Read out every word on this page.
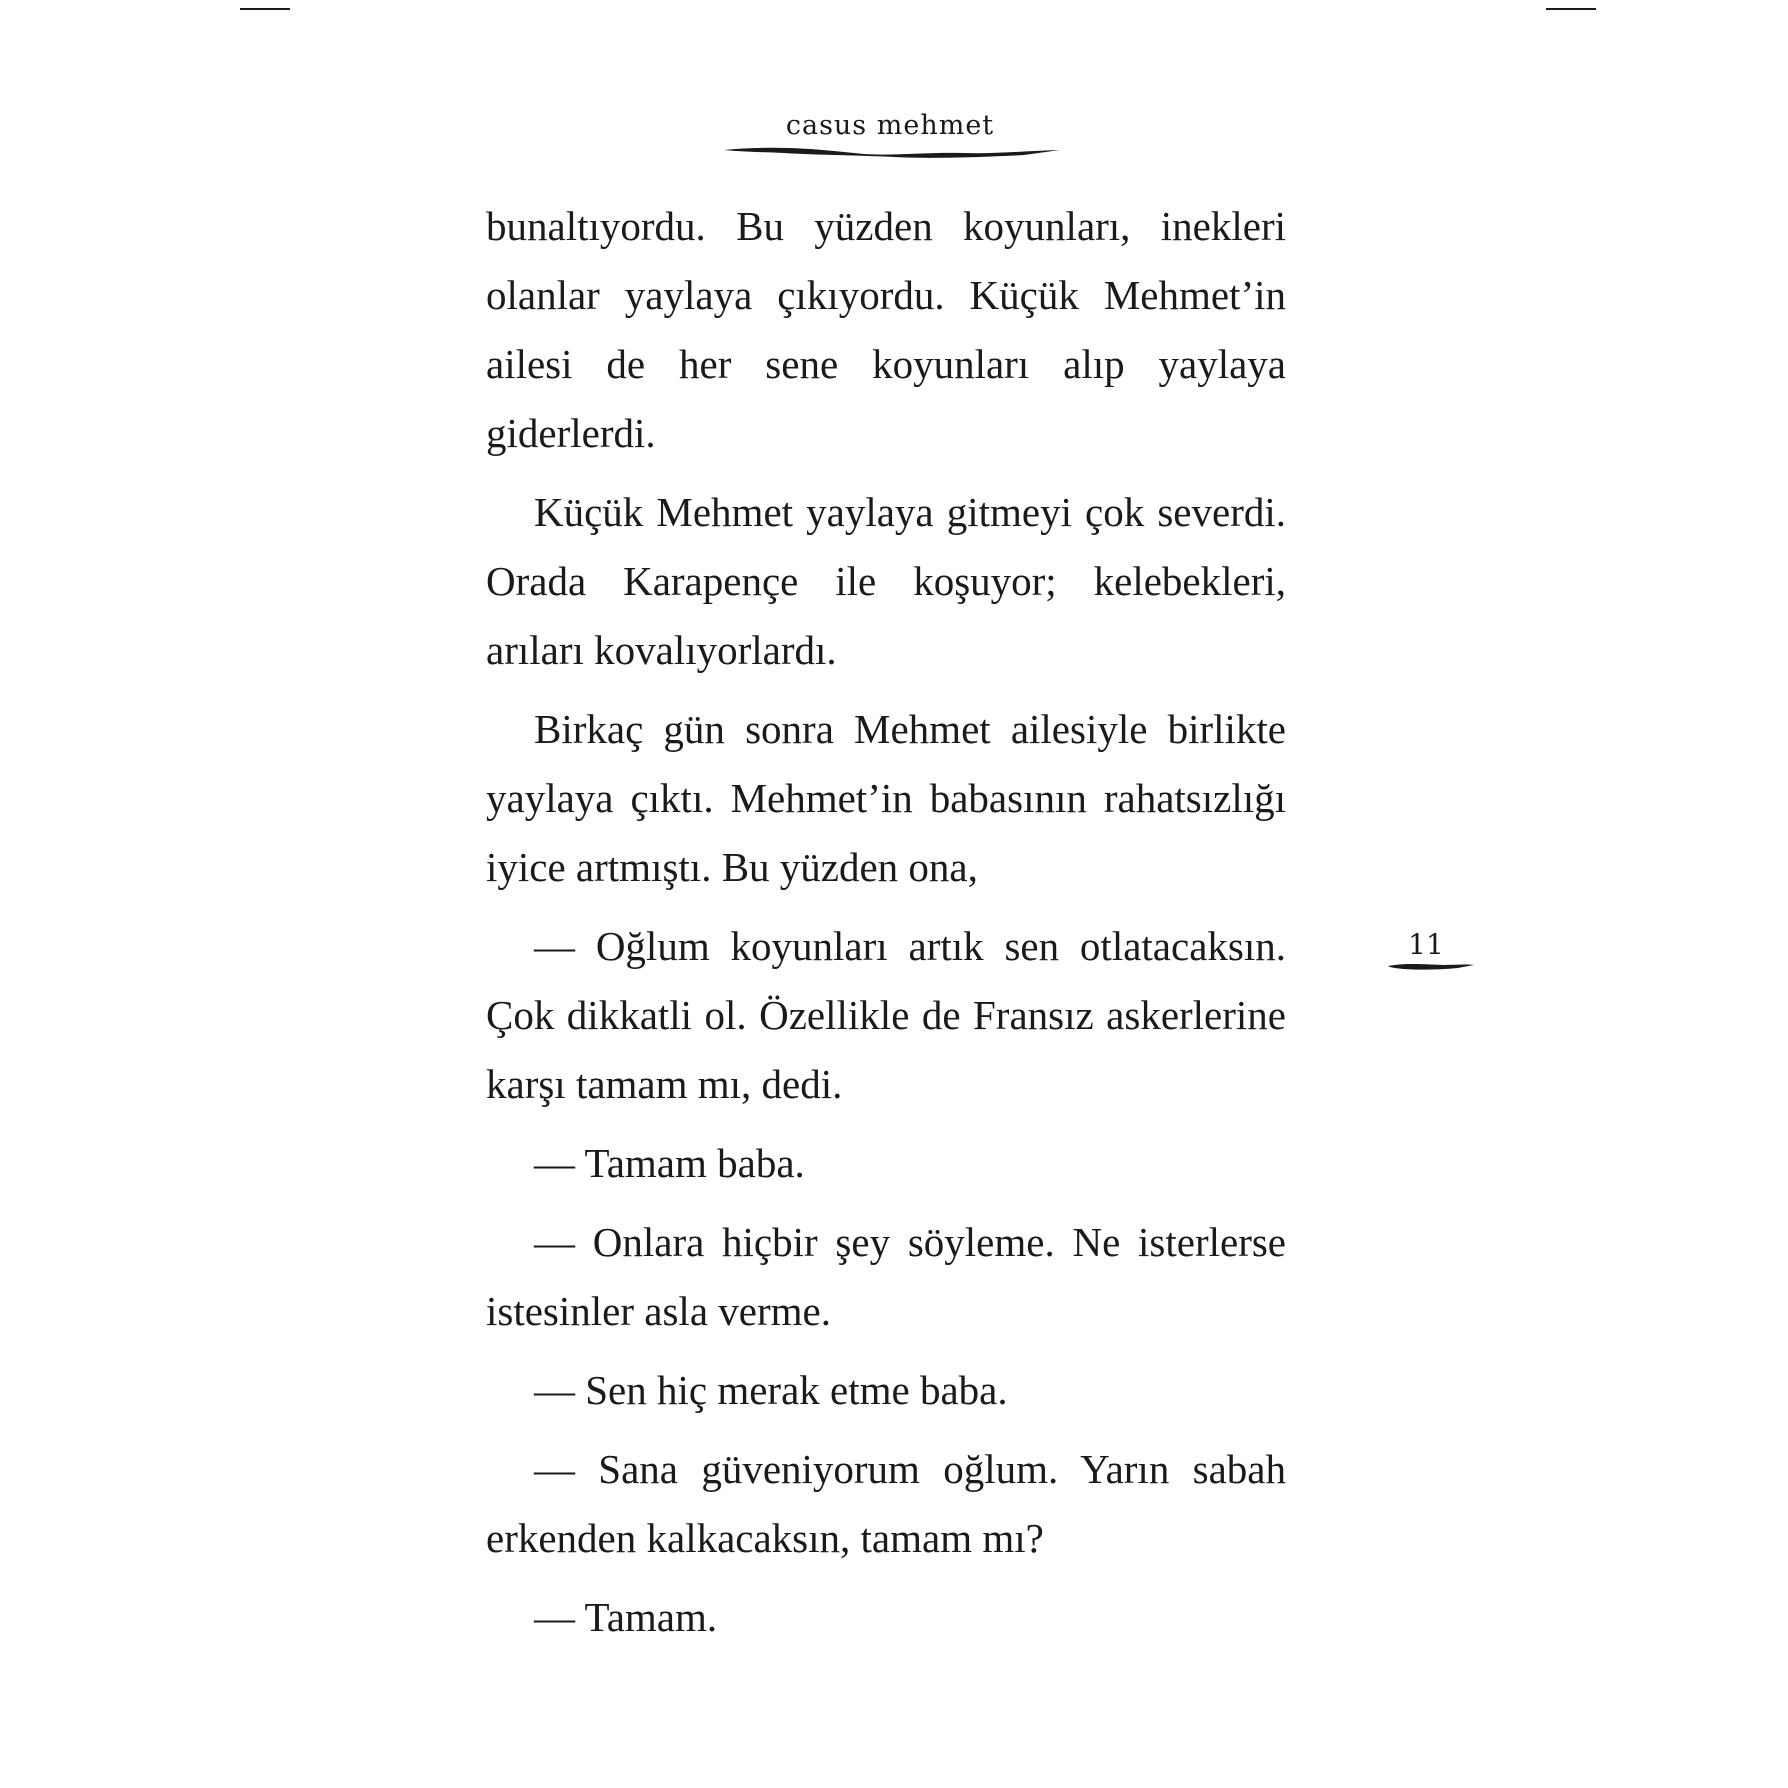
casus mehmet

bunaltıyordu. Bu yüzden koyunları, inekleri olanlar yaylaya çıkıyordu. Küçük Mehmet’in ailesi de her sene koyunları alıp yaylaya giderlerdi.

Küçük Mehmet yaylaya gitmeyi çok severdi. Orada Karapençe ile koşuyor; kelebekleri, arıları kovalıyorlardı.

Birkaç gün sonra Mehmet ailesiyle birlikte yaylaya çıktı. Mehmet’in babasının rahatsızlığı iyice artmıştı. Bu yüzden ona,

— Oğlum koyunları artık sen otlatacaksın. Çok dikkatli ol. Özellikle de Fransız askerlerine karşı tamam mı, dedi.

— Tamam baba.

— Onlara hiçbir şey söyleme. Ne isterlerse istesinler asla verme.

— Sen hiç merak etme baba.

— Sana güveniyorum oğlum. Yarın sabah erkenden kalkacaksın, tamam mı?

— Tamam.

11
